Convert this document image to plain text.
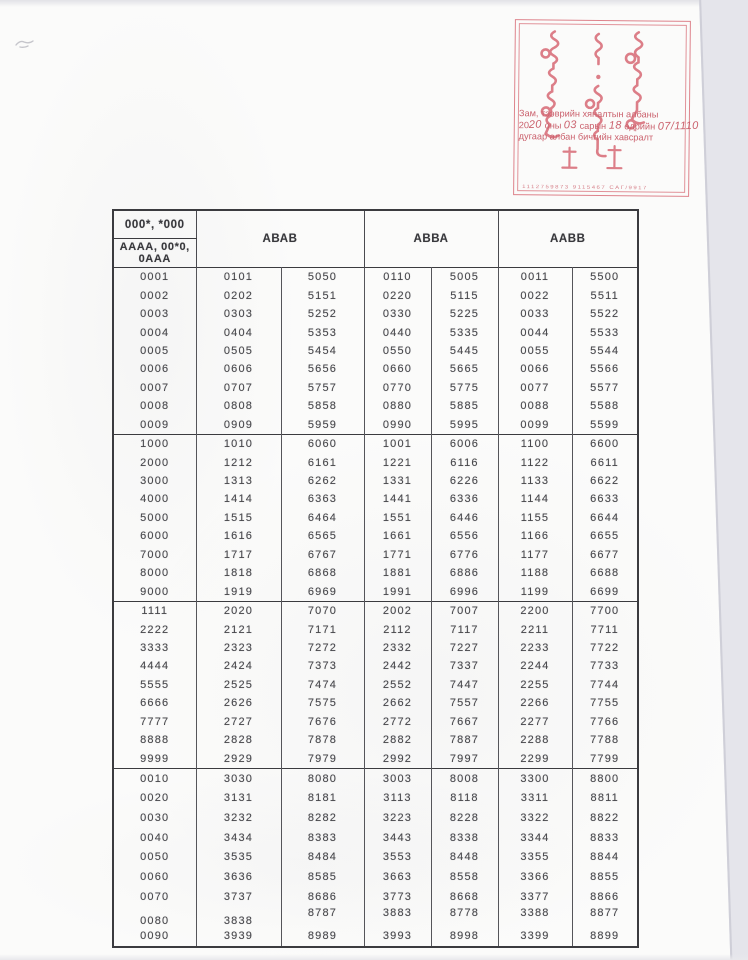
Зам, тээврийн хяналтын албаны
2020 оны 03 сарын 18 өдрийн 07/1110
дугаар албан бичгийн хавсралт
1112759873 9115467 САГ/9917
000*, *000	АВАВ		АВВА		ААВВ	
АААА, 00*0, 0ААА						
0001	0101	5050	0110	5005	0011	5500
0002	0202	5151	0220	5115	0022	5511
0003	0303	5252	0330	5225	0033	5522
0004	0404	5353	0440	5335	0044	5533
0005	0505	5454	0550	5445	0055	5544
0006	0606	5656	0660	5665	0066	5566
0007	0707	5757	0770	5775	0077	5577
0008	0808	5858	0880	5885	0088	5588
0009	0909	5959	0990	5995	0099	5599
1000	1010	6060	1001	6006	1100	6600
2000	1212	6161	1221	6116	1122	6611
3000	1313	6262	1331	6226	1133	6622
4000	1414	6363	1441	6336	1144	6633
5000	1515	6464	1551	6446	1155	6644
6000	1616	6565	1661	6556	1166	6655
7000	1717	6767	1771	6776	1177	6677
8000	1818	6868	1881	6886	1188	6688
9000	1919	6969	1991	6996	1199	6699
1111	2020	7070	2002	7007	2200	7700
2222	2121	7171	2112	7117	2211	7711
3333	2323	7272	2332	7227	2233	7722
4444	2424	7373	2442	7337	2244	7733
5555	2525	7474	2552	7447	2255	7744
6666	2626	7575	2662	7557	2266	7755
7777	2727	7676	2772	7667	2277	7766
8888	2828	7878	2882	7887	2288	7788
9999	2929	7979	2992	7997	2299	7799
0010	3030	8080	3003	8008	3300	8800
0020	3131	8181	3113	8118	3311	8811
0030	3232	8282	3223	8228	3322	8822
0040	3434	8383	3443	8338	3344	8833
0050	3535	8484	3553	8448	3355	8844
0060	3636	8585	3663	8558	3366	8855
0070	3737	8686	3773	8668	3377	8866
0080	3838	8787	3883	8778	3388	8877
0090	3939	8989	3993	8998	3399	8899
